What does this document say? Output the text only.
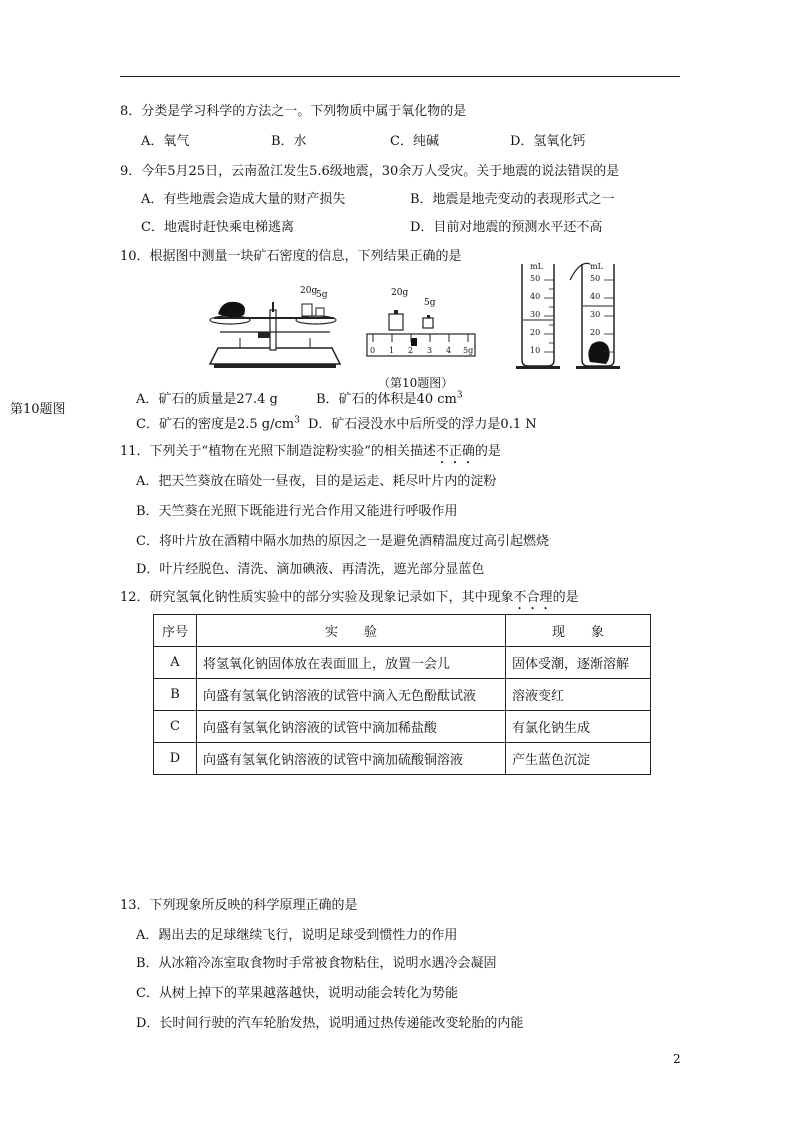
8．分类是学习科学的方法之一。下列物质中属于氧化物的是
A．氧气	B．水	C．纯碱	D．氢氧化钙
9．今年5月25日，云南盈江发生5.6级地震，30余万人受灾。关于地震的说法错误的是
A．有些地震会造成大量的财产损失	B．地震是地壳变动的表现形式之一
C．地震时赶快乘电梯逃离	D．目前对地震的预测水平还不高
10．根据图中测量一块矿石密度的信息，下列结果正确的是
20g
5g	20g
5g
0 1 2 3 4 5g
mL	mL
50
40
30
20
10
50
40
30
20
10
（第10题图）
第10题图
A．矿石的质量是27.4 g	B．矿石的体积是40 $cm^3$
C．矿石的密度是2.5 $g/cm^3$ D．矿石浸没水中后所受的浮力是0.1 N
11．下列关于“植物在光照下制造淀粉实验”的相关描述不正确的是
A．把天竺葵放在暗处一昼夜，目的是运走、耗尽叶片内的淀粉
B．天竺葵在光照下既能进行光合作用又能进行呼吸作用
C．将叶片放在酒精中隔水加热的原因之一是避免酒精温度过高引起燃烧
D．叶片经脱色、清洗、滴加碘液、再清洗，遮光部分显蓝色
12．研究氢氧化钠性质实验中的部分实验及现象记录如下，其中现象不合理的是
序号	实　　验	现　　象
A	将氢氧化钠固体放在表面皿上，放置一会儿	固体受潮，逐渐溶解
B	向盛有氢氧化钠溶液的试管中滴入无色酚酞试液	溶液变红
C	向盛有氢氧化钠溶液的试管中滴加稀盐酸	有氯化钠生成
D	向盛有氢氧化钠溶液的试管中滴加硫酸铜溶液	产生蓝色沉淀
13．下列现象所反映的科学原理正确的是
A．踢出去的足球继续飞行，说明足球受到惯性力的作用
B．从冰箱冷冻室取食物时手常被食物粘住，说明水遇冷会凝固
C．从树上掉下的苹果越落越快，说明动能会转化为势能
D．长时间行驶的汽车轮胎发热，说明通过热传递能改变轮胎的内能
2
